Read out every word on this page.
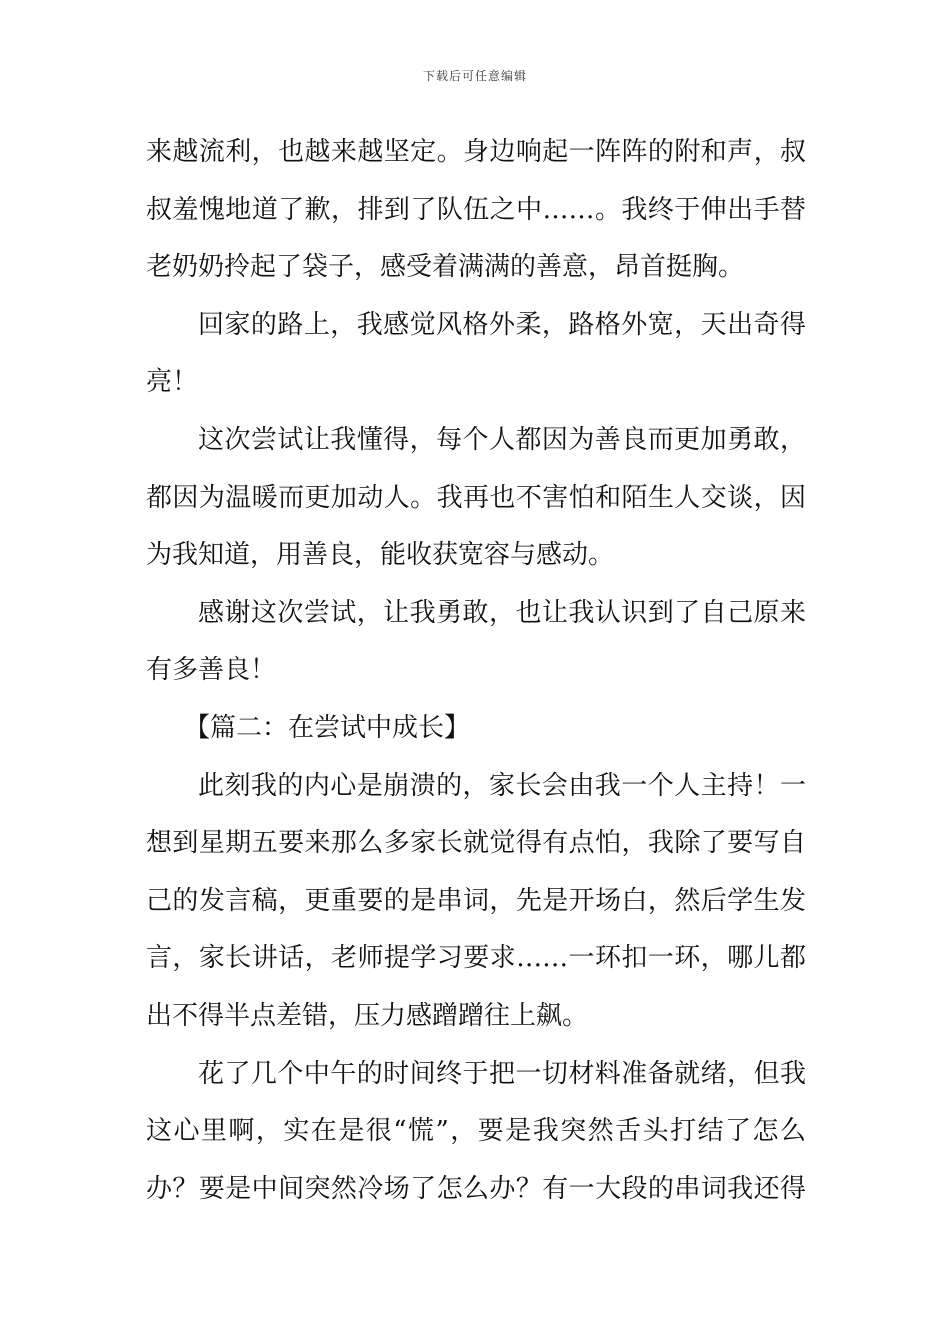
下载后可任意编辑
来越流利，也越来越坚定。身边响起一阵阵的附和声，叔
叔羞愧地道了歉，排到了队伍之中……。我终于伸出手替
老奶奶拎起了袋子，感受着满满的善意，昂首挺胸。
回家的路上，我感觉风格外柔，路格外宽，天出奇得
亮！
这次尝试让我懂得，每个人都因为善良而更加勇敢，
都因为温暖而更加动人。我再也不害怕和陌生人交谈，因
为我知道，用善良，能收获宽容与感动。
感谢这次尝试，让我勇敢，也让我认识到了自己原来
有多善良！
【篇二：在尝试中成长】
此刻我的内心是崩溃的，家长会由我一个人主持！一
想到星期五要来那么多家长就觉得有点怕，我除了要写自
己的发言稿，更重要的是串词，先是开场白，然后学生发
言，家长讲话，老师提学习要求……一环扣一环，哪儿都
出不得半点差错，压力感蹭蹭往上飙。
花了几个中午的时间终于把一切材料准备就绪，但我
这心里啊，实在是很“慌”，要是我突然舌头打结了怎么
办？要是中间突然冷场了怎么办？有一大段的串词我还得
